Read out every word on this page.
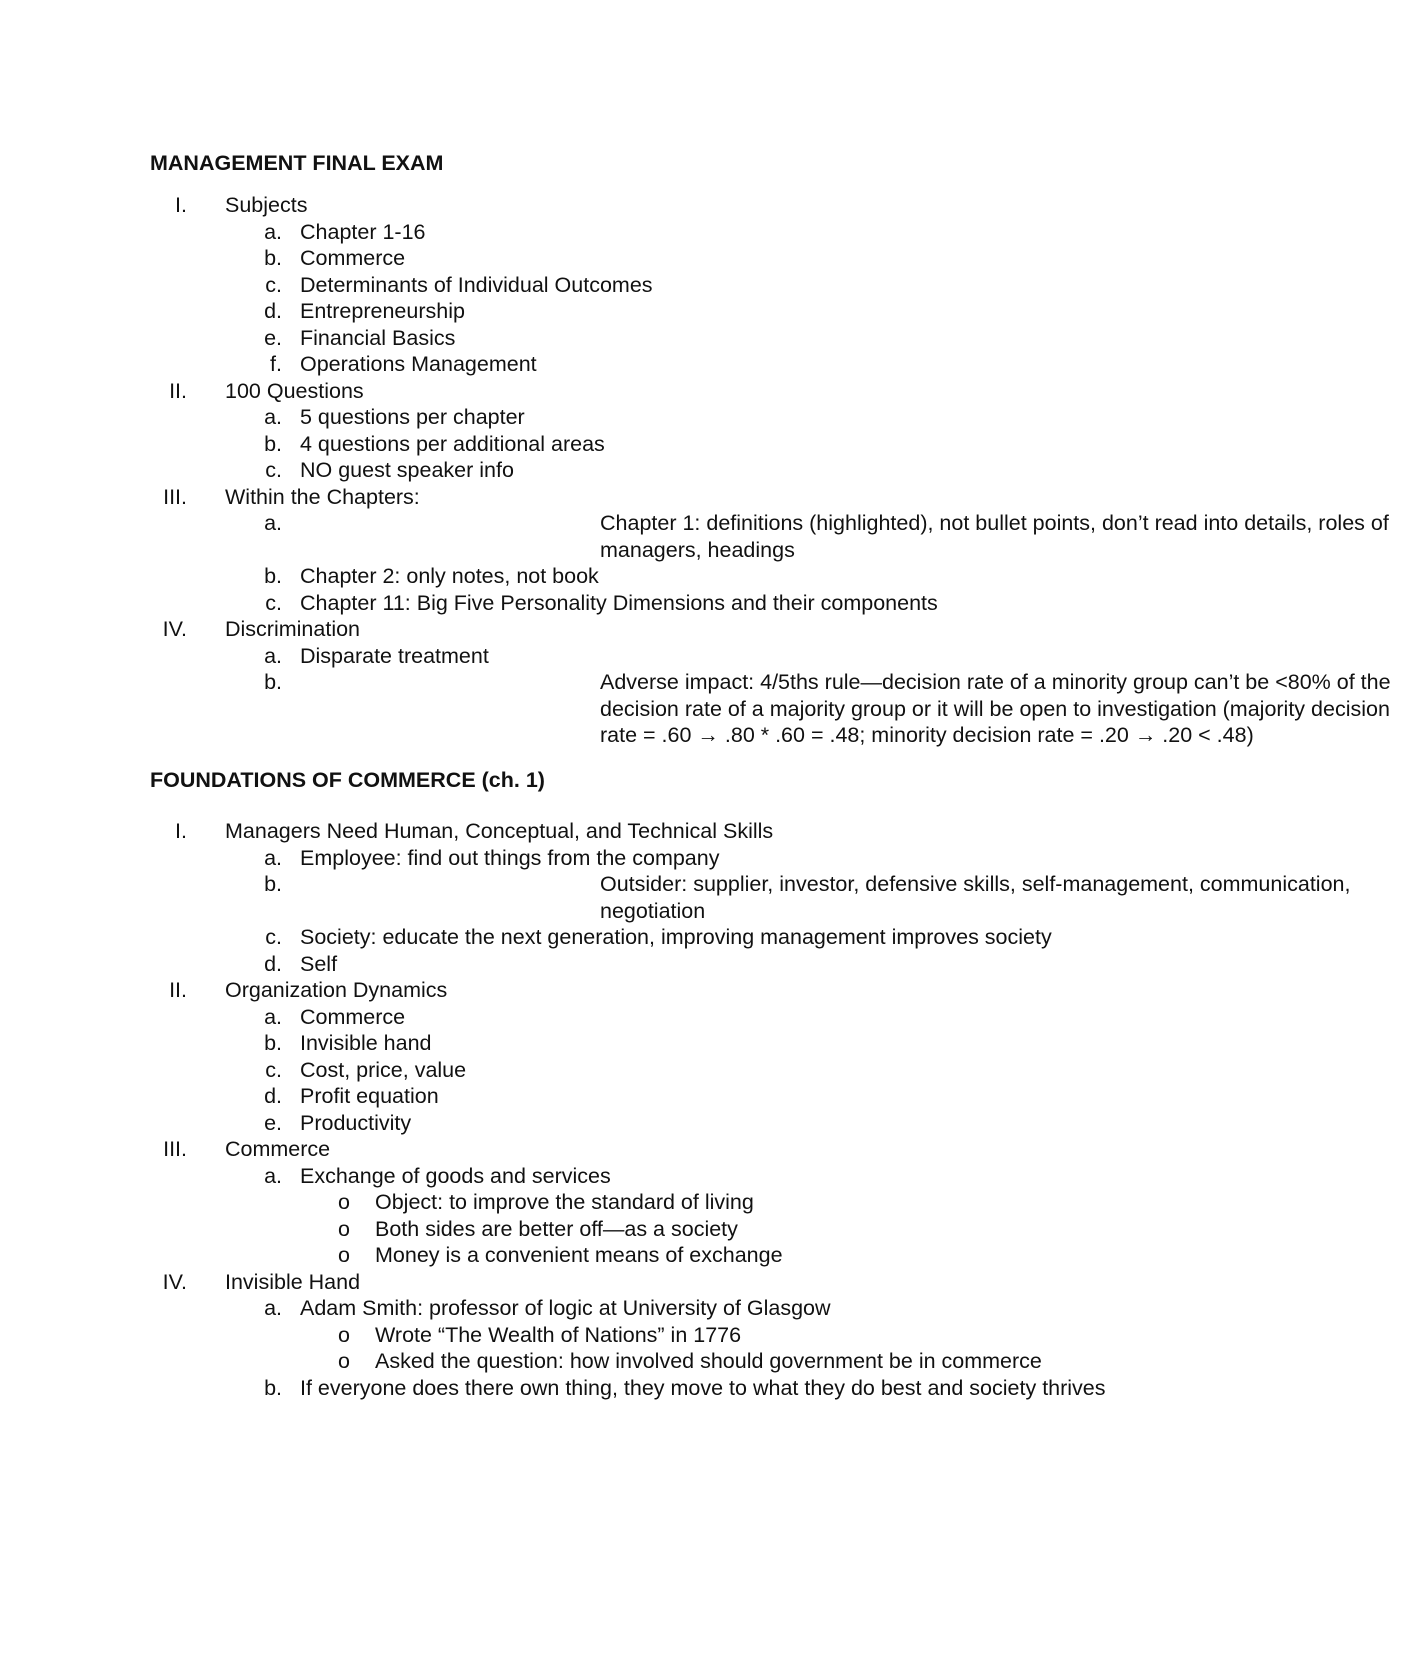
MANAGEMENT FINAL EXAM
I. Subjects
a. Chapter 1-16
b. Commerce
c. Determinants of Individual Outcomes
d. Entrepreneurship
e. Financial Basics
f. Operations Management
II. 100 Questions
a. 5 questions per chapter
b. 4 questions per additional areas
c. NO guest speaker info
III. Within the Chapters:
a.	Chapter 1: definitions (highlighted), not bullet points, don’t read into details, roles of managers, headings
b. Chapter 2: only notes, not book
c. Chapter 11: Big Five Personality Dimensions and their components
IV. Discrimination
a. Disparate treatment
b.	Adverse impact: 4/5ths rule—decision rate of a minority group can’t be <80% of the decision rate of a majority group or it will be open to investigation (majority decision rate = .60 → .80 * .60 = .48; minority decision rate = .20 → .20 < .48)
FOUNDATIONS OF COMMERCE (ch. 1)
I. Managers Need Human, Conceptual, and Technical Skills
a. Employee: find out things from the company
b.	Outsider: supplier, investor, defensive skills, self-management, communication, negotiation
c. Society: educate the next generation, improving management improves society
d. Self
II. Organization Dynamics
a. Commerce
b. Invisible hand
c. Cost, price, value
d. Profit equation
e. Productivity
III. Commerce
a. Exchange of goods and services
o Object: to improve the standard of living
o Both sides are better off—as a society
o Money is a convenient means of exchange
IV. Invisible Hand
a. Adam Smith: professor of logic at University of Glasgow
o Wrote “The Wealth of Nations” in 1776
o Asked the question: how involved should government be in commerce
b. If everyone does there own thing, they move to what they do best and society thrives
